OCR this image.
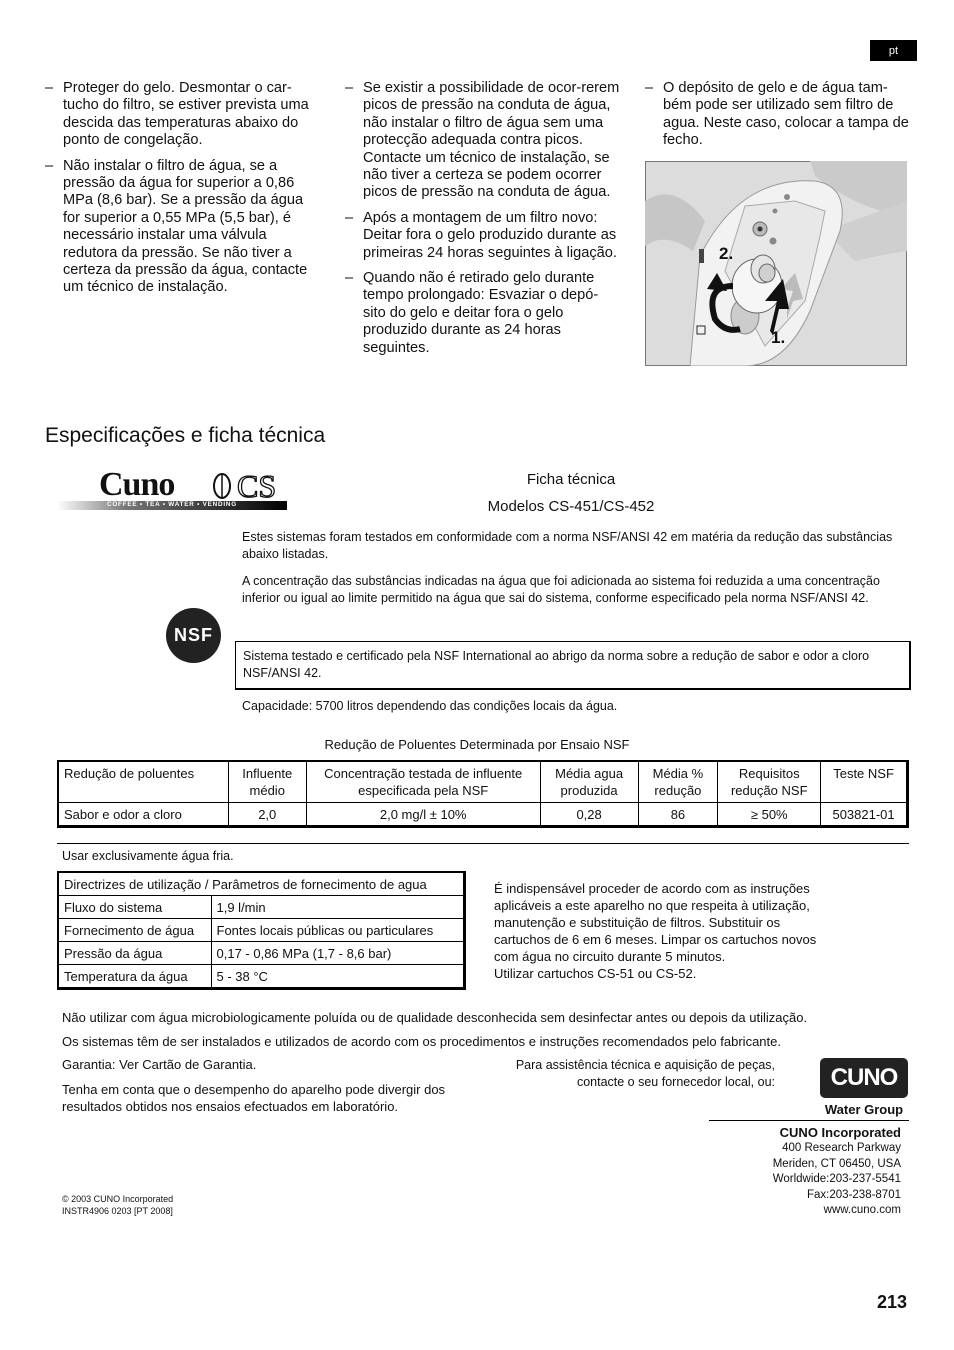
pt
– Proteger do gelo. Desmontar o car-tucho do filtro, se estiver prevista uma descida das temperaturas abaixo do ponto de congelação.
– Não instalar o filtro de água, se a pressão da água for superior a 0,86 MPa (8,6 bar). Se a pressão da água for superior a 0,55 MPa (5,5 bar), é necessário instalar uma válvula redutora da pressão. Se não tiver a certeza da pressão da água, contacte um técnico de instalação.
– Se existir a possibilidade de ocor-rerem picos de pressão na conduta de água, não instalar o filtro de água sem uma protecção adequada contra picos. Contacte um técnico de instalação, se não tiver a certeza se podem ocorrer picos de pressão na conduta de água.
– Após a montagem de um filtro novo: Deitar fora o gelo produzido durante as primeiras 24 horas seguintes à ligação.
– Quando não é retirado gelo durante tempo prolongado: Esvaziar o depó-sito do gelo e deitar fora o gelo produzido durante as 24 horas seguintes.
– O depósito de gelo e de água tam-bém pode ser utilizado sem filtro de agua. Neste caso, colocar a tampa de fecho.
2.
1.
Especificações e ficha técnica
Cuno CS
COFFEE • TEA • WATER • VENDING
Ficha técnica
Modelos CS-451/CS-452
Estes sistemas foram testados em conformidade com a norma NSF/ANSI 42 em matéria da redução das substâncias abaixo listadas.
A concentração das substâncias indicadas na água que foi adicionada ao sistema foi reduzida a uma concentração inferior ou igual ao limite permitido na água que sai do sistema, conforme especificado pela norma NSF/ANSI 42.
NSF
Sistema testado e certificado pela NSF International ao abrigo da norma sobre a redução de sabor e odor a cloro NSF/ANSI 42.
Capacidade: 5700 litros dependendo das condições locais da água.
Redução de Poluentes Determinada por Ensaio NSF
Redução de poluentes	Influente médio	Concentração testada de influente especificada pela NSF	Média agua produzida	Média % redução	Requisitos redução NSF	Teste NSF
Sabor e odor a cloro	2,0	2,0 mg/l ± 10%	0,28	86	≥ 50%	503821-01
Usar exclusivamente água fria.
Directrizes de utilização / Parâmetros de fornecimento de agua	
Fluxo do sistema	1,9 l/min
Fornecimento de água	Fontes locais públicas ou particulares
Pressão da água	0,17 - 0,86 MPa (1,7 - 8,6 bar)
Temperatura da água	5 - 38 °C
É indispensável proceder de acordo com as instruções aplicáveis a este aparelho no que respeita à utilização, manutenção e substituição de filtros. Substituir os cartuchos de 6 em 6 meses. Limpar os cartuchos novos com água no circuito durante 5 minutos.
Utilizar cartuchos CS-51 ou CS-52.
Não utilizar com água microbiologicamente poluída ou de qualidade desconhecida sem desinfectar antes ou depois da utilização.
Os sistemas têm de ser instalados e utilizados de acordo com os procedimentos e instruções recomendados pelo fabricante.
Garantia: Ver Cartão de Garantia.
Tenha em conta que o desempenho do aparelho pode divergir dos resultados obtidos nos ensaios efectuados em laboratório.
Para assistência técnica e aquisição de peças,
contacte o seu fornecedor local, ou: CUNO
Water Group
CUNO Incorporated
400 Research Parkway
Meriden, CT 06450, USA
Worldwide:203-237-5541
Fax:203-238-8701
www.cuno.com
© 2003 CUNO Incorporated
INSTR4906 0203 [PT 2008]
213
